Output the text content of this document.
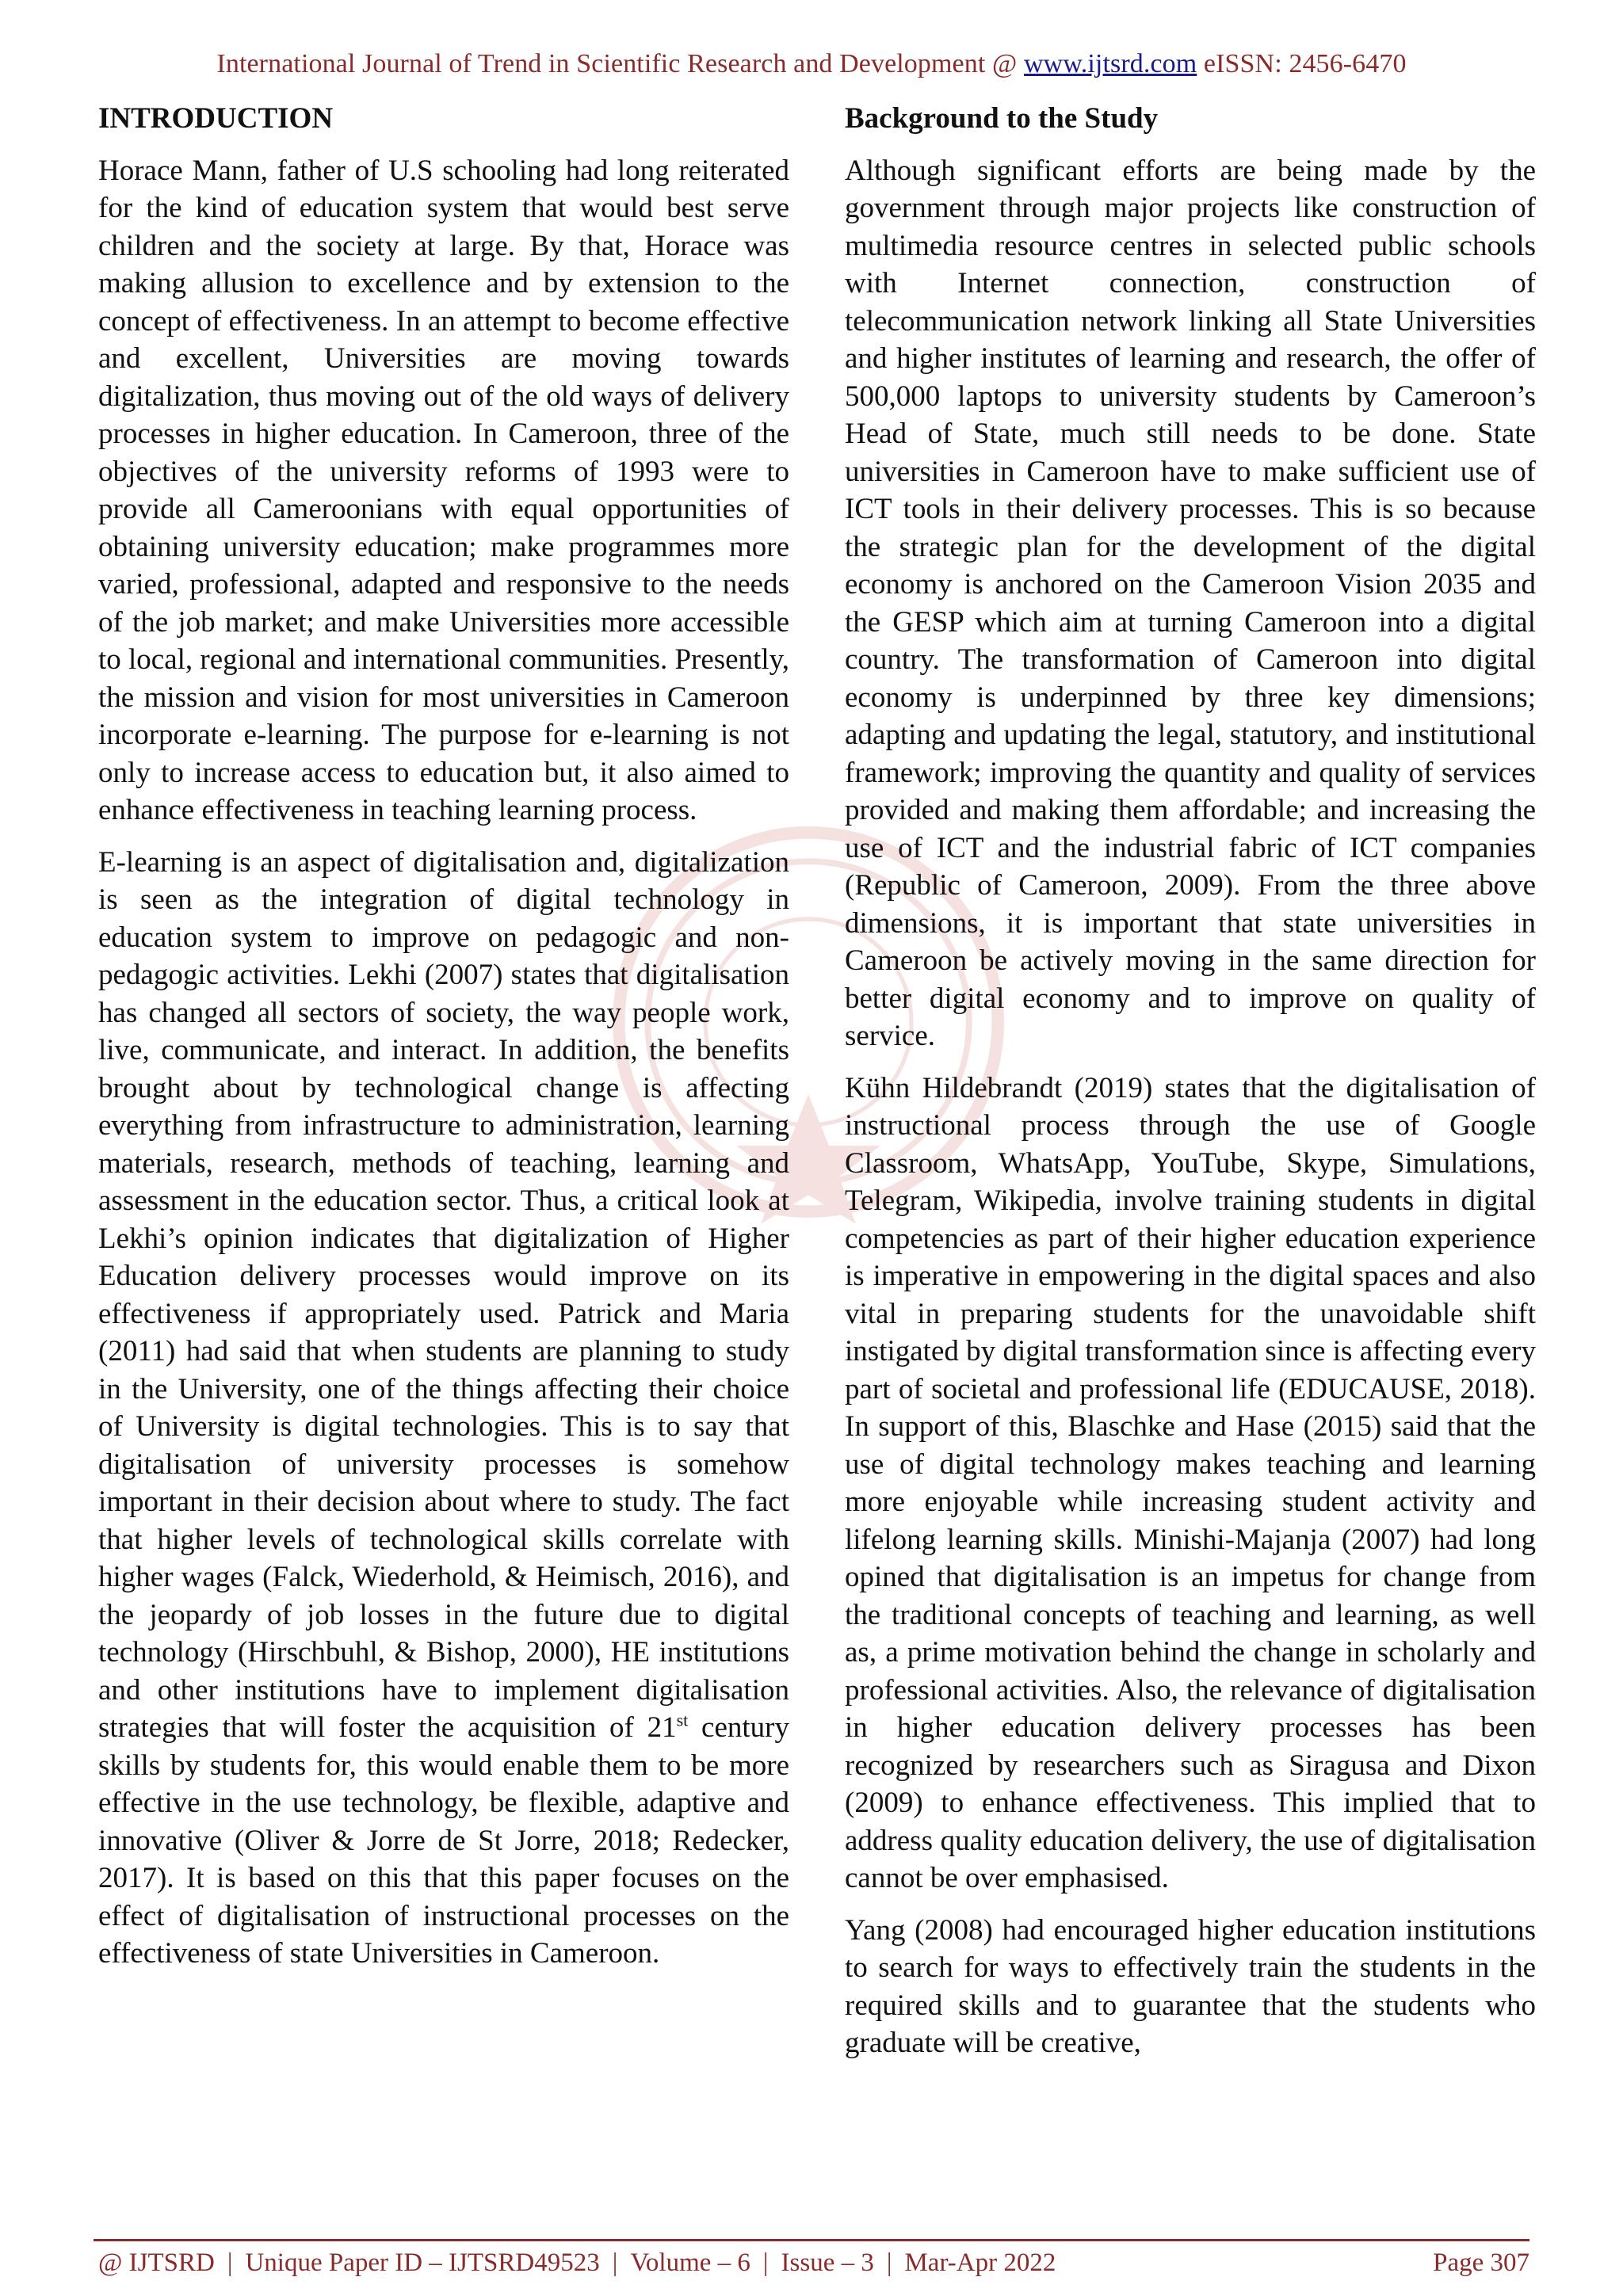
International Journal of Trend in Scientific Research and Development @ www.ijtsrd.com eISSN: 2456-6470

INTRODUCTION

Horace Mann, father of U.S schooling had long reiterated for the kind of education system that would best serve children and the society at large. By that, Horace was making allusion to excellence and by extension to the concept of effectiveness. In an attempt to become effective and excellent, Universities are moving towards digitalization, thus moving out of the old ways of delivery processes in higher education. In Cameroon, three of the objectives of the university reforms of 1993 were to provide all Cameroonians with equal opportunities of obtaining university education; make programmes more varied, professional, adapted and responsive to the needs of the job market; and make Universities more accessible to local, regional and international communities. Presently, the mission and vision for most universities in Cameroon incorporate e-learning. The purpose for e-learning is not only to increase access to education but, it also aimed to enhance effectiveness in teaching learning process.

E-learning is an aspect of digitalisation and, digitalization is seen as the integration of digital technology in education system to improve on pedagogic and non-pedagogic activities. Lekhi (2007) states that digitalisation has changed all sectors of society, the way people work, live, communicate, and interact. In addition, the benefits brought about by technological change is affecting everything from infrastructure to administration, learning materials, research, methods of teaching, learning and assessment in the education sector. Thus, a critical look at Lekhi’s opinion indicates that digitalization of Higher Education delivery processes would improve on its effectiveness if appropriately used. Patrick and Maria (2011) had said that when students are planning to study in the University, one of the things affecting their choice of University is digital technologies. This is to say that digitalisation of university processes is somehow important in their decision about where to study. The fact that higher levels of technological skills correlate with higher wages (Falck, Wiederhold, & Heimisch, 2016), and the jeopardy of job losses in the future due to digital technology (Hirschbuhl, & Bishop, 2000), HE institutions and other institutions have to implement digitalisation strategies that will foster the acquisition of 21st century skills by students for, this would enable them to be more effective in the use technology, be flexible, adaptive and innovative (Oliver & Jorre de St Jorre, 2018; Redecker, 2017). It is based on this that this paper focuses on the effect of digitalisation of instructional processes on the effectiveness of state Universities in Cameroon.

Background to the Study

Although significant efforts are being made by the government through major projects like construction of multimedia resource centres in selected public schools with Internet connection, construction of telecommunication network linking all State Universities and higher institutes of learning and research, the offer of 500,000 laptops to university students by Cameroon’s Head of State, much still needs to be done. State universities in Cameroon have to make sufficient use of ICT tools in their delivery processes. This is so because the strategic plan for the development of the digital economy is anchored on the Cameroon Vision 2035 and the GESP which aim at turning Cameroon into a digital country. The transformation of Cameroon into digital economy is underpinned by three key dimensions; adapting and updating the legal, statutory, and institutional framework; improving the quantity and quality of services provided and making them affordable; and increasing the use of ICT and the industrial fabric of ICT companies (Republic of Cameroon, 2009). From the three above dimensions, it is important that state universities in Cameroon be actively moving in the same direction for better digital economy and to improve on quality of service.

Kühn Hildebrandt (2019) states that the digitalisation of instructional process through the use of Google Classroom, WhatsApp, YouTube, Skype, Simulations, Telegram, Wikipedia, involve training students in digital competencies as part of their higher education experience is imperative in empowering in the digital spaces and also vital in preparing students for the unavoidable shift instigated by digital transformation since is affecting every part of societal and professional life (EDUCAUSE, 2018). In support of this, Blaschke and Hase (2015) said that the use of digital technology makes teaching and learning more enjoyable while increasing student activity and lifelong learning skills. Minishi-Majanja (2007) had long opined that digitalisation is an impetus for change from the traditional concepts of teaching and learning, as well as, a prime motivation behind the change in scholarly and professional activities. Also, the relevance of digitalisation in higher education delivery processes has been recognized by researchers such as Siragusa and Dixon (2009) to enhance effectiveness. This implied that to address quality education delivery, the use of digitalisation cannot be over emphasised.

Yang (2008) had encouraged higher education institutions to search for ways to effectively train the students in the required skills and to guarantee that the students who graduate will be creative,

@ IJTSRD | Unique Paper ID – IJTSRD49523 | Volume – 6 | Issue – 3 | Mar-Apr 2022	Page 307
